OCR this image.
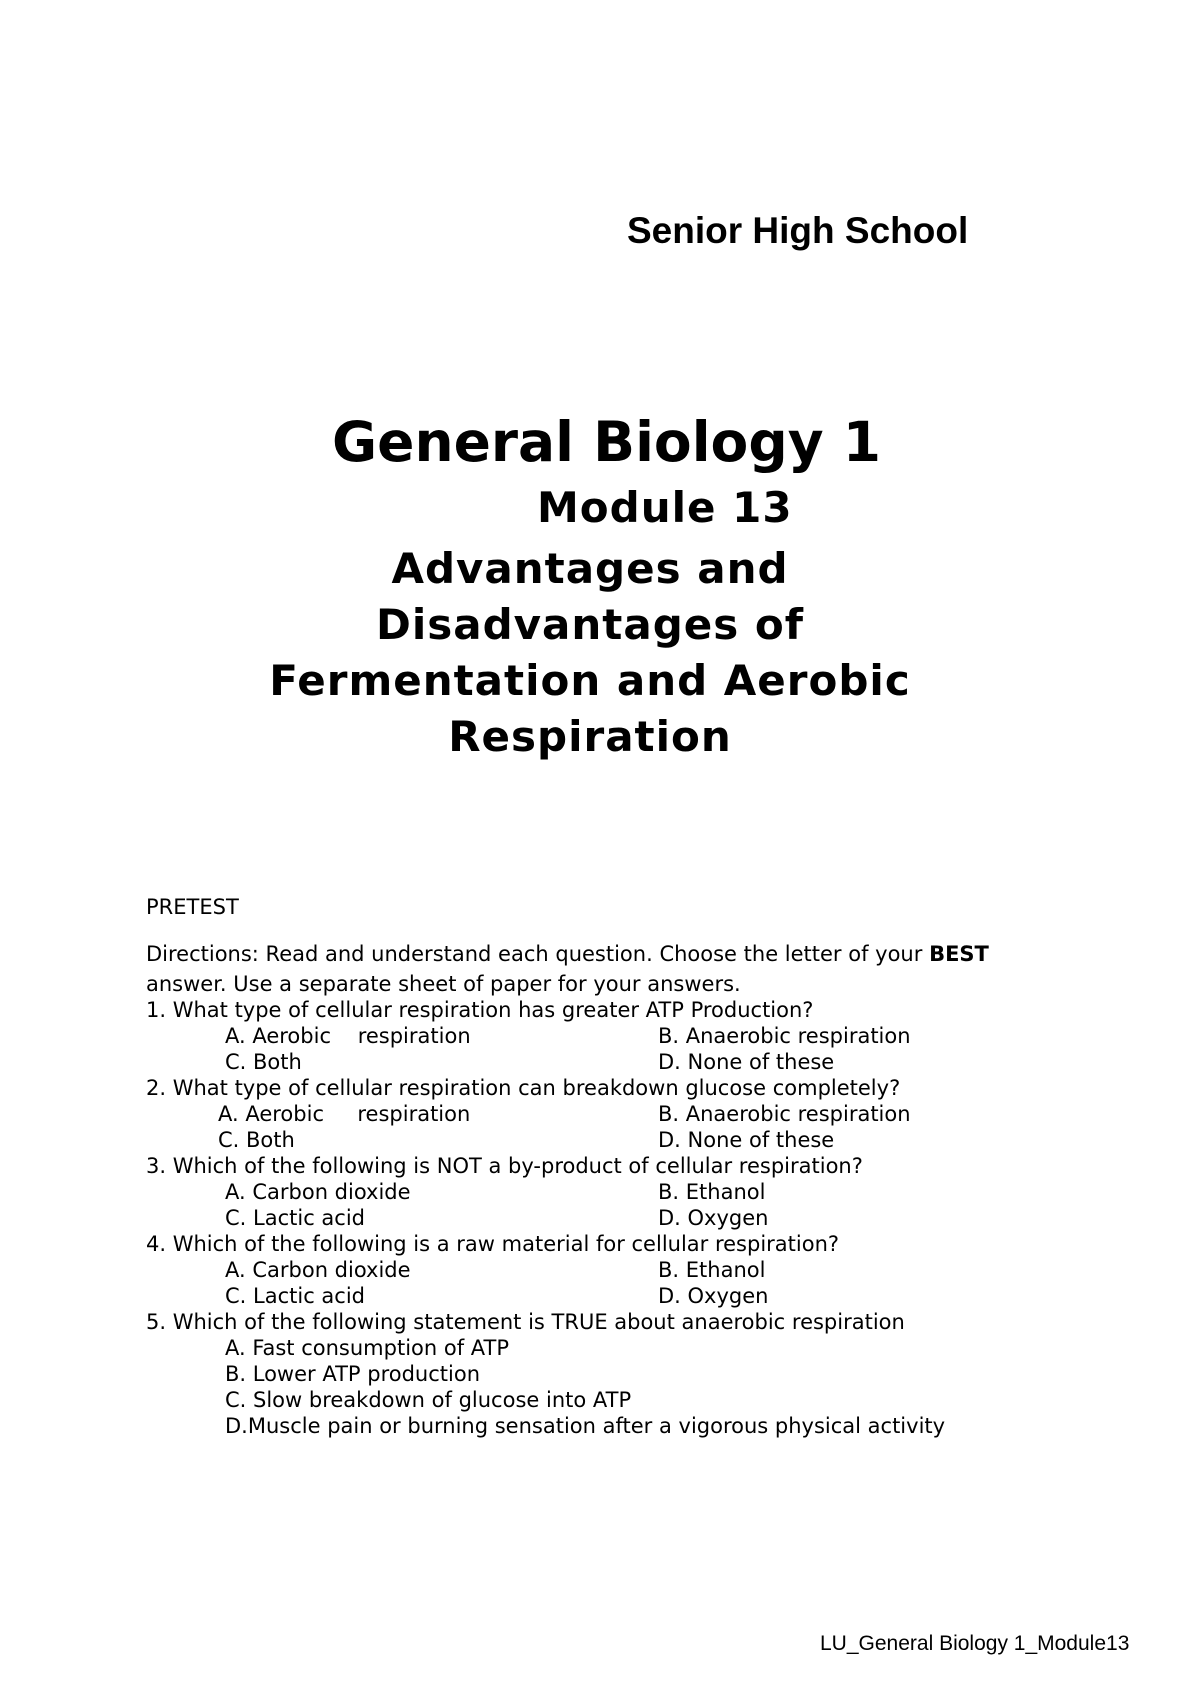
Senior High School
General Biology 1
Module 13
Advantages and
Disadvantages of
Fermentation and Aerobic
Respiration
PRETEST
Directions: Read and understand each question. Choose the letter of your BEST
answer. Use a separate sheet of paper for your answers.
1. What type of cellular respiration has greater ATP Production?
A. Aerobic    respiration	B. Anaerobic respiration
C. Both	D. None of these
2. What type of cellular respiration can breakdown glucose completely?
A. Aerobic     respiration	B. Anaerobic respiration
C. Both	D. None of these
3. Which of the following is NOT a by-product of cellular respiration?
A. Carbon dioxide	B. Ethanol
C. Lactic acid	D. Oxygen
4. Which of the following is a raw material for cellular respiration?
A. Carbon dioxide	B. Ethanol
C. Lactic acid	D. Oxygen
5. Which of the following statement is TRUE about anaerobic respiration
A. Fast consumption of ATP
B. Lower ATP production
C. Slow breakdown of glucose into ATP
D.Muscle pain or burning sensation after a vigorous physical activity
LU_General Biology 1_Module13
